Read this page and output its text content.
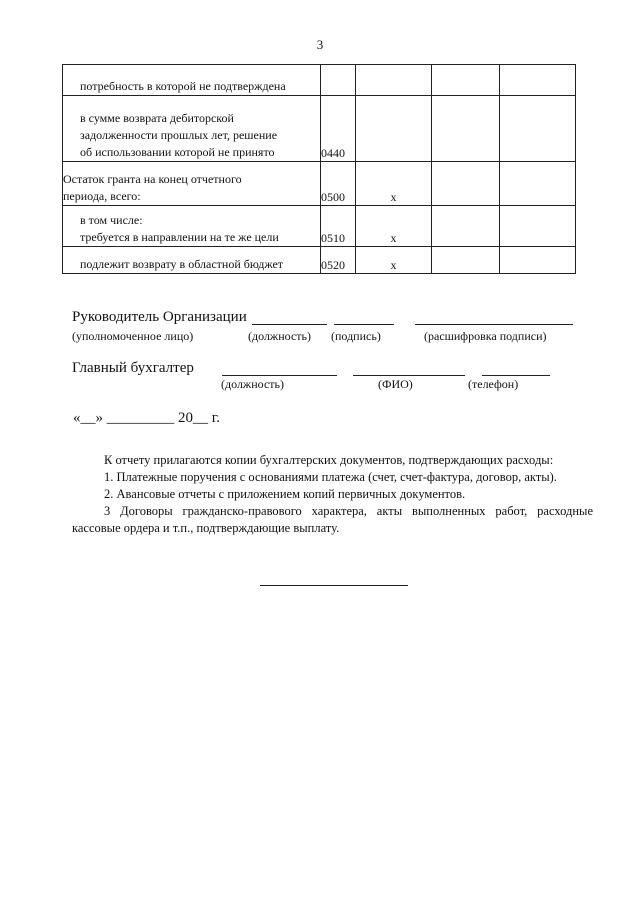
3
потребность в которой не подтверждена				

в сумме возврата дебиторской
задолженности прошлых лет, решение
об использовании которой не принято	0440			

Остаток гранта на конец отчетного
периода, всего:	0500	x		

в том числе:
требуется в направлении на те же цели	0510	x		

подлежит возврату в областной бюджет	0520	x		
Руководитель Организации
(уполномоченное лицо)	(должность) (подпись)	(расшифровка подписи)
Главный бухгалтер
(должность)	(ФИО)	(телефон)
«__» _________ 20__ г.
К отчету прилагаются копии бухгалтерских документов, подтверждающих расходы:
1. Платежные поручения с основаниями платежа (счет, счет-фактура, договор, акты).
2. Авансовые отчеты с приложением копий первичных документов.
3 Договоры гражданско-правового характера, акты выполненных работ, расходные
кассовые ордера и т.п., подтверждающие выплату.
